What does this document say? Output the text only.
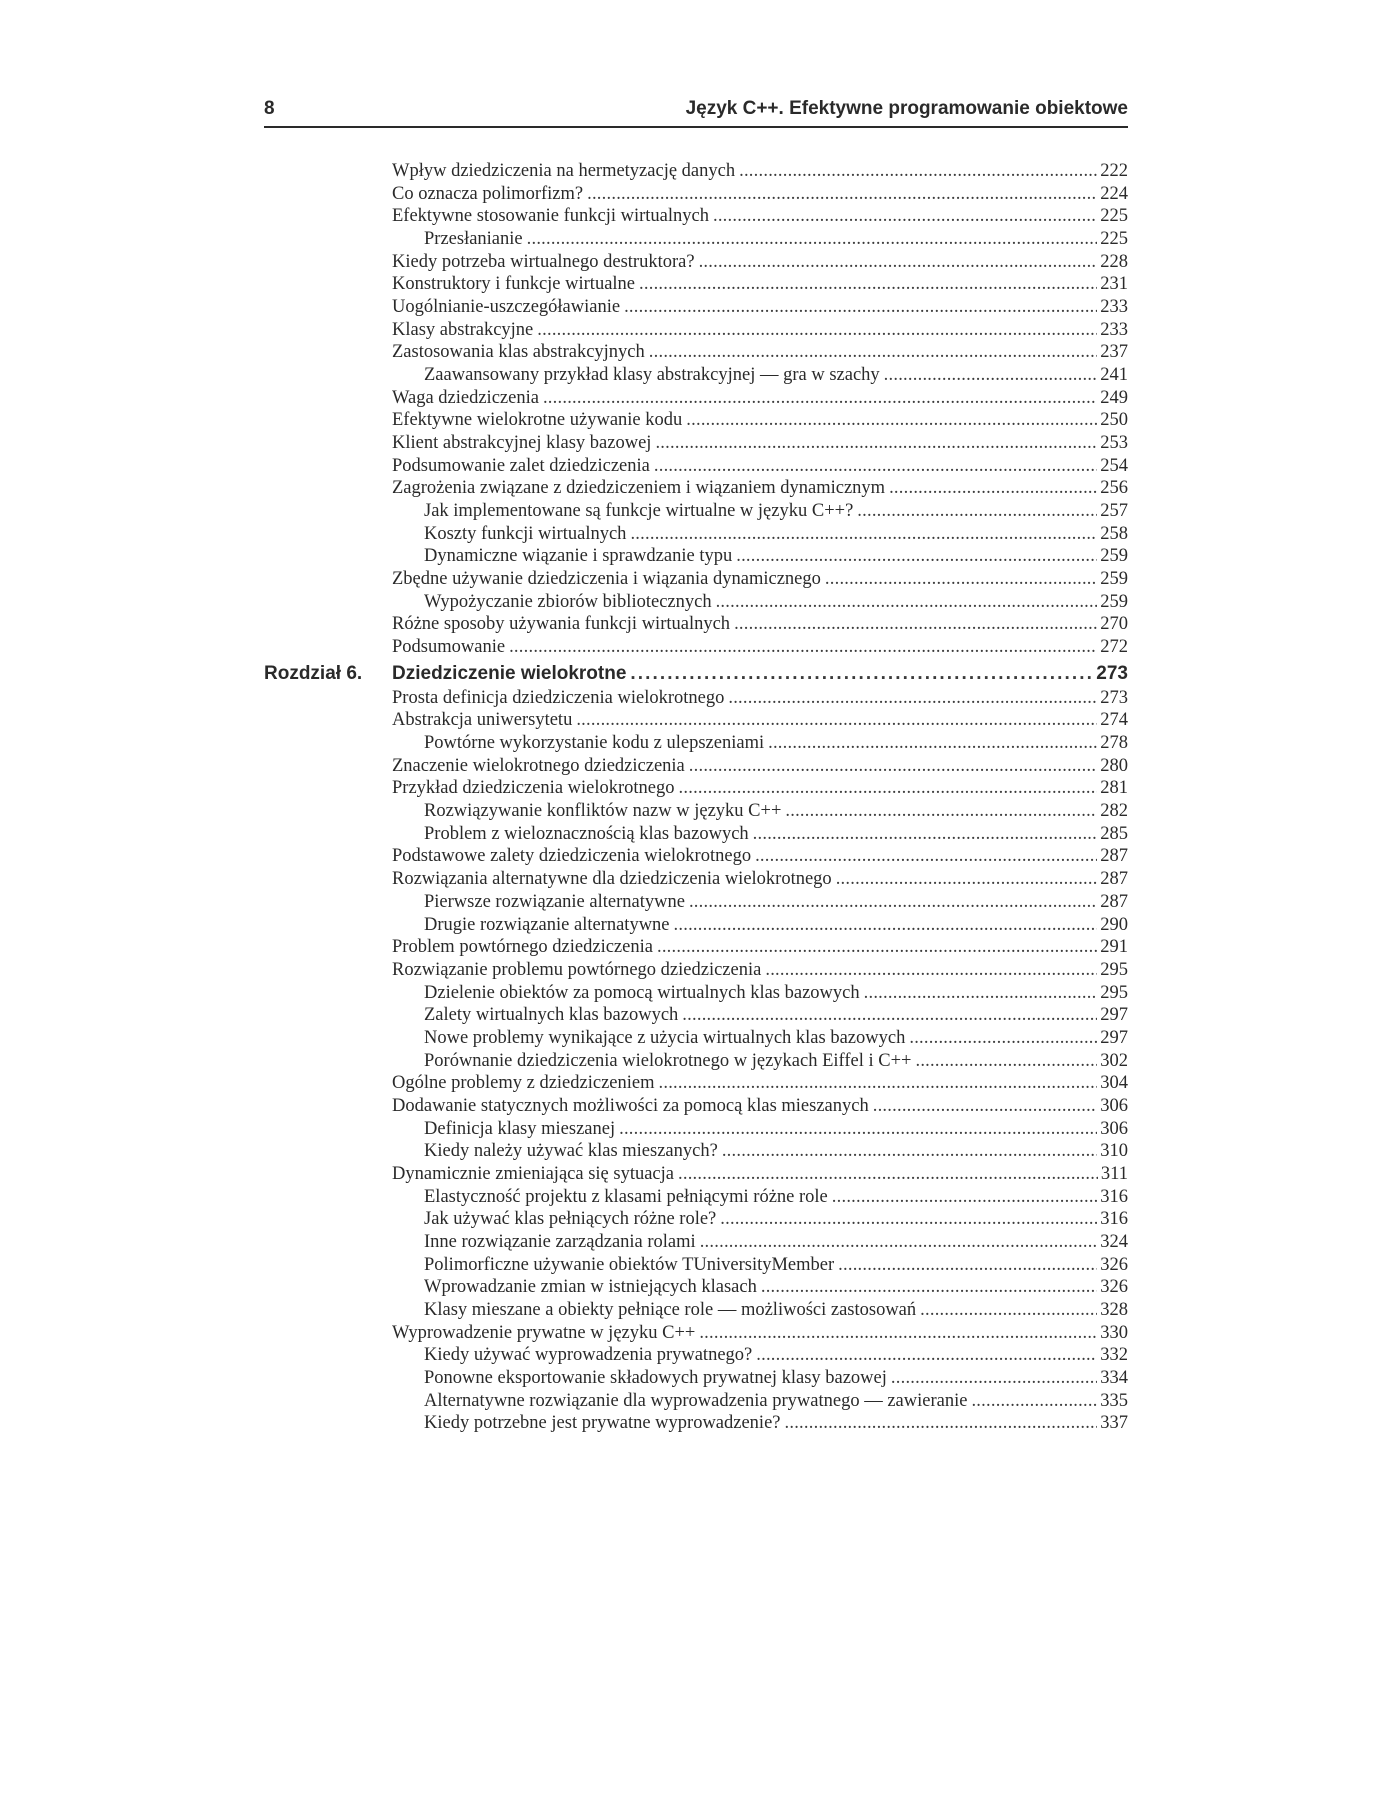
8	Język C++. Efektywne programowanie obiektowe
Wpływ dziedziczenia na hermetyzację danych . . .	222
Co oznacza polimorfizm? . . .	224
Efektywne stosowanie funkcji wirtualnych . . .	225
Przesłanianie . . .	225
Kiedy potrzeba wirtualnego destruktora? . . .	228
Konstruktory i funkcje wirtualne . . .	231
Uogólnianie-uszczegóławianie . . .	233
Klasy abstrakcyjne . . .	233
Zastosowania klas abstrakcyjnych . . .	237
Zaawansowany przykład klasy abstrakcyjnej — gra w szachy . . .	241
Waga dziedziczenia . . .	249
Efektywne wielokrotne używanie kodu . . .	250
Klient abstrakcyjnej klasy bazowej . . .	253
Podsumowanie zalet dziedziczenia . . .	254
Zagrożenia związane z dziedziczeniem i wiązaniem dynamicznym . . .	256
Jak implementowane są funkcje wirtualne w języku C++? . . .	257
Koszty funkcji wirtualnych . . .	258
Dynamiczne wiązanie i sprawdzanie typu . . .	259
Zbędne używanie dziedziczenia i wiązania dynamicznego . . .	259
Wypożyczanie zbiorów bibliotecznych . . .	259
Różne sposoby używania funkcji wirtualnych . . .	270
Podsumowanie . . .	272
Rozdział 6.	Dziedziczenie wielokrotne . . .	273
Prosta definicja dziedziczenia wielokrotnego . . .	273
Abstrakcja uniwersytetu . . .	274
Powtórne wykorzystanie kodu z ulepszeniami . . .	278
Znaczenie wielokrotnego dziedziczenia . . .	280
Przykład dziedziczenia wielokrotnego . . .	281
Rozwiązywanie konfliktów nazw w języku C++ . . .	282
Problem z wieloznacznością klas bazowych . . .	285
Podstawowe zalety dziedziczenia wielokrotnego . . .	287
Rozwiązania alternatywne dla dziedziczenia wielokrotnego . . .	287
Pierwsze rozwiązanie alternatywne . . .	287
Drugie rozwiązanie alternatywne . . .	290
Problem powtórnego dziedziczenia . . .	291
Rozwiązanie problemu powtórnego dziedziczenia . . .	295
Dzielenie obiektów za pomocą wirtualnych klas bazowych . . .	295
Zalety wirtualnych klas bazowych . . .	297
Nowe problemy wynikające z użycia wirtualnych klas bazowych . . .	297
Porównanie dziedziczenia wielokrotnego w językach Eiffel i C++ . . .	302
Ogólne problemy z dziedziczeniem . . .	304
Dodawanie statycznych możliwości za pomocą klas mieszanych . . .	306
Definicja klasy mieszanej . . .	306
Kiedy należy używać klas mieszanych? . . .	310
Dynamicznie zmieniająca się sytuacja . . .	311
Elastyczność projektu z klasami pełniącymi różne role . . .	316
Jak używać klas pełniących różne role? . . .	316
Inne rozwiązanie zarządzania rolami . . .	324
Polimorficzne używanie obiektów TUniversityMember . . .	326
Wprowadzanie zmian w istniejących klasach . . .	326
Klasy mieszane a obiekty pełniące role — możliwości zastosowań . . .	328
Wyprowadzenie prywatne w języku C++ . . .	330
Kiedy używać wyprowadzenia prywatnego? . . .	332
Ponowne eksportowanie składowych prywatnej klasy bazowej . . .	334
Alternatywne rozwiązanie dla wyprowadzenia prywatnego — zawieranie . . .	335
Kiedy potrzebne jest prywatne wyprowadzenie? . . .	337
